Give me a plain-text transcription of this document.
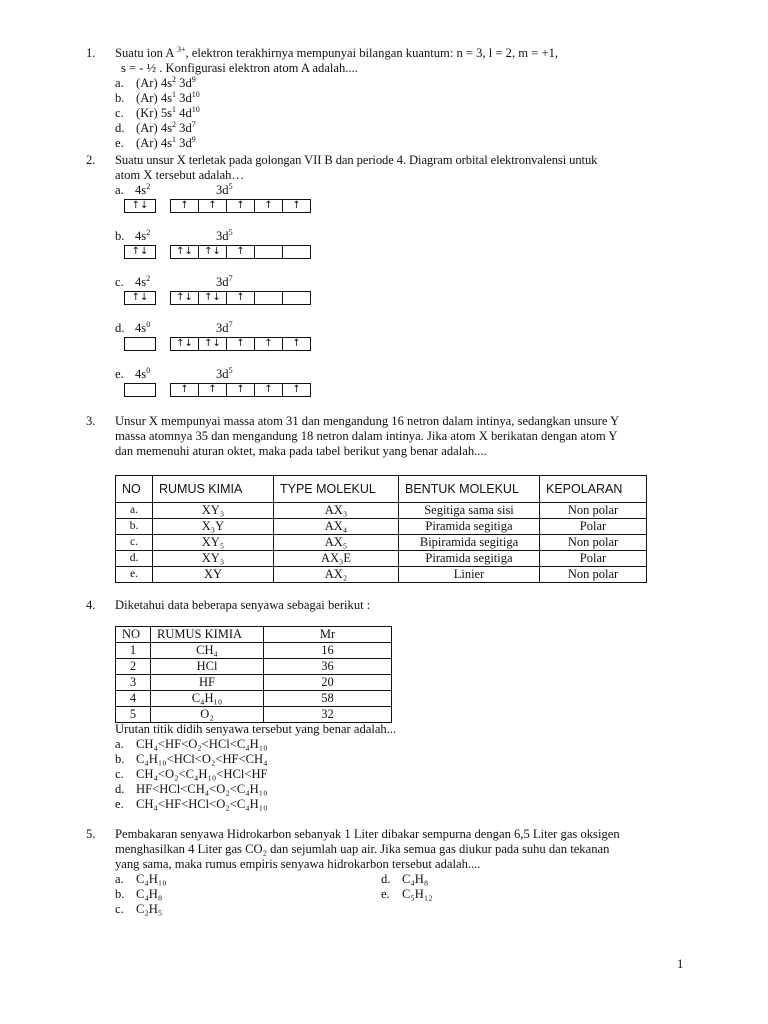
1. Suatu ion A $^{3+}$, elektron terakhirnya mempunyai bilangan kuantum: n = 3, l = 2, m = +1,
s = - ½ . Konfigurasi elektron atom A adalah....
a. (Ar) $4s^2$ $3d^9$
b. (Ar) $4s^1$ $3d^{10}$
c. (Kr) $5s^1$ $4d^{10}$
d. (Ar) $4s^2$ $3d^7$
e. (Ar) $4s^1$ $3d^9$
2. Suatu unsur X terletak pada golongan VII B dan periode 4. Diagram orbital elektronvalensi untuk
atom X tersebut adalah…
a. $4s^2$	$3d^5$
↑↓	↑	↑	↑	↑	↑
b. $4s^2$	$3d^5$
↑↓	↑↓	↑↓	↑
c. $4s^2$	$3d^7$
↑↓	↑↓	↑↓	↑
d. $4s^0$	$3d^7$
↑↓	↑↓	↑	↑	↑
e. $4s^0$	$3d^5$
↑	↑	↑	↑	↑
3. Unsur X mempunyai massa atom 31 dan mengandung 16 netron dalam intinya, sedangkan unsure Y
massa atomnya 35 dan mengandung 18 netron dalam intinya. Jika atom X berikatan dengan atom Y
dan memenuhi aturan oktet, maka pada tabel berikut yang benar adalah....
NO	RUMUS KIMIA	TYPE MOLEKUL	BENTUK MOLEKUL	KEPOLARAN
a.	XY₃	AX₃	Segitiga sama sisi	Non polar
b.	X₃Y	AX₄	Piramida segitiga	Polar
c.	XY₅	AX₅	Bipiramida segitiga	Non polar
d.	XY₃	AX₃E	Piramida segitiga	Polar
e.	XY	AX₂	Linier	Non polar
4. Diketahui data beberapa senyawa sebagai berikut :
NO	RUMUS KIMIA	Mr
1	CH₄	16
2	HCl	36
3	HF	20
4	C₄H₁₀	58
5	O₂	32
Urutan titik didih senyawa tersebut yang benar adalah...
a. CH₄<HF<O₂<HCl<C₄H₁₀
b. C₄H₁₀<HCl<O₂<HF<CH₄
c. CH₄<O₂<C₄H₁₀<HCl<HF
d. HF<HCl<CH₄<O₂<C₄H₁₀
e. CH₄<HF<HCl<O₂<C₄H₁₀
5. Pembakaran senyawa Hidrokarbon sebanyak 1 Liter dibakar sempurna dengan 6,5 Liter gas oksigen
menghasilkan 4 Liter gas CO₂ dan sejumlah uap air. Jika semua gas diukur pada suhu dan tekanan
yang sama, maka rumus empiris senyawa hidrokarbon tersebut adalah....
a. C₄H₁₀
b. C₄H₈
c. C₂H₅
d. C₄H₈
e. C₅H₁₂
1
